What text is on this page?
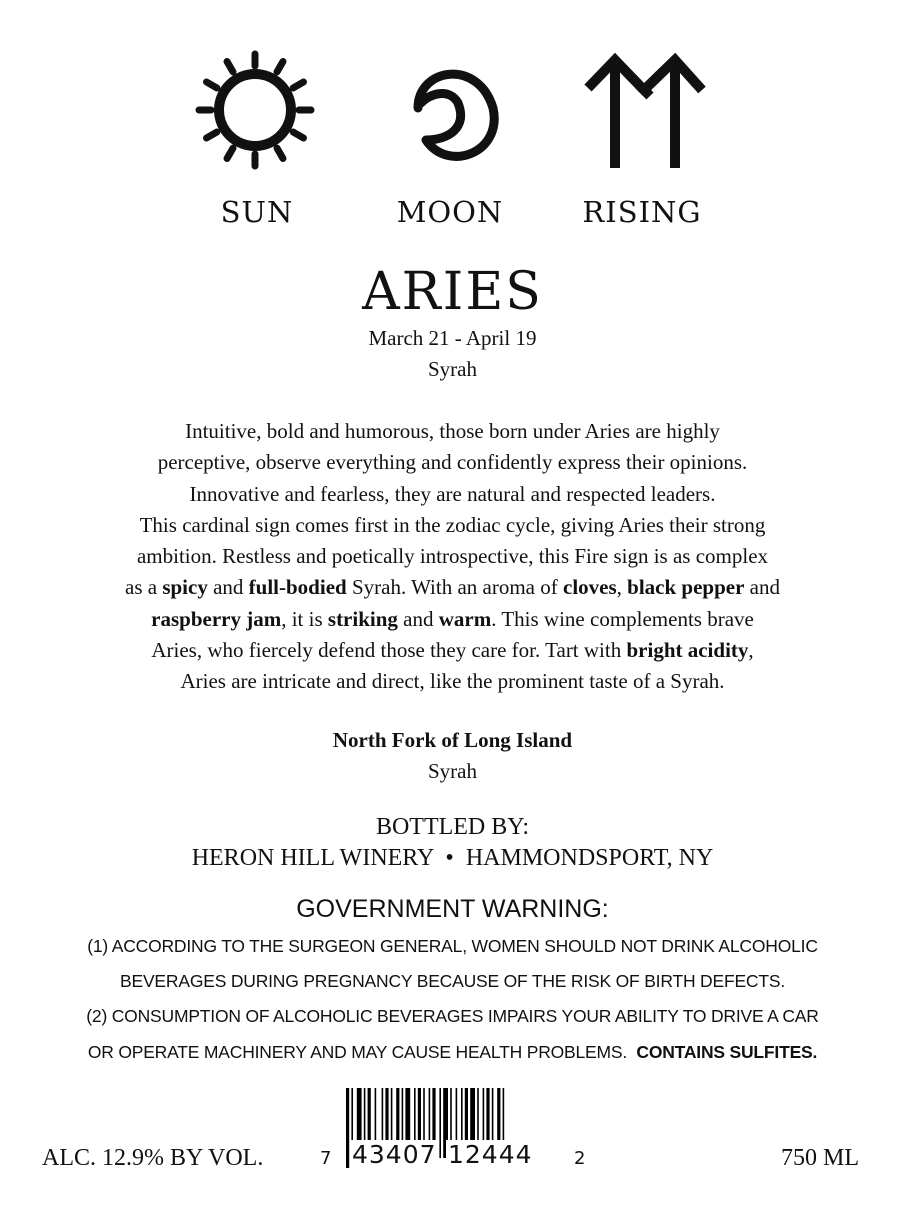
SUN	MOON	RISING
ARIES
March 21 - April 19
Syrah
Intuitive, bold and humorous, those born under Aries are highly
perceptive, observe everything and confidently express their opinions.
Innovative and fearless, they are natural and respected leaders.
This cardinal sign comes first in the zodiac cycle, giving Aries their strong
ambition. Restless and poetically introspective, this Fire sign is as complex
as a spicy and full-bodied Syrah. With an aroma of cloves, black pepper and
raspberry jam, it is striking and warm. This wine complements brave
Aries, who fiercely defend those they care for. Tart with bright acidity,
Aries are intricate and direct, like the prominent taste of a Syrah.
North Fork of Long Island
Syrah
BOTTLED BY:
HERON HILL WINERY  •  HAMMONDSPORT, NY
GOVERNMENT WARNING:
(1) ACCORDING TO THE SURGEON GENERAL, WOMEN SHOULD NOT DRINK ALCOHOLIC
BEVERAGES DURING PREGNANCY BECAUSE OF THE RISK OF BIRTH DEFECTS.
(2) CONSUMPTION OF ALCOHOLIC BEVERAGES IMPAIRS YOUR ABILITY TO DRIVE A CAR
OR OPERATE MACHINERY AND MAY CAUSE HEALTH PROBLEMS. CONTAINS SULFITES.
ALC. 12.9% BY VOL.	750 ML
7 43407 12444 2
